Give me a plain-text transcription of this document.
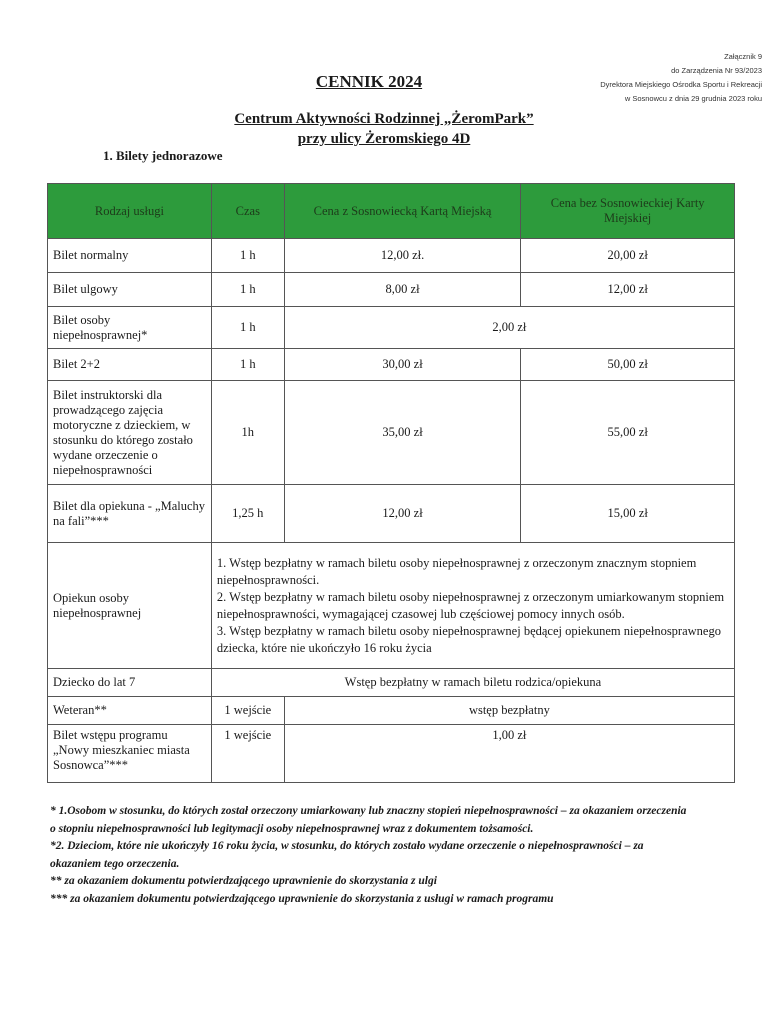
Załącznik 9
do Zarządzenia Nr 93/2023
Dyrektora Miejskiego Ośrodka Sportu i Rekreacji
w Sosnowcu z dnia 29 grudnia 2023 roku
CENNIK 2024
Centrum Aktywności Rodzinnej „ŻeromPark”
przy ulicy Żeromskiego 4D
1. Bilety jednorazowe
Rodzaj usługi	Czas	Cena z Sosnowiecką Kartą Miejską	Cena bez Sosnowieckiej Karty Miejskiej
Bilet normalny	1 h	12,00 zł.	20,00 zł
Bilet ulgowy	1 h	8,00 zł	12,00 zł
Bilet osoby niepełnosprawnej*	1 h	2,00 zł	
Bilet 2+2	1 h	30,00 zł	50,00 zł
Bilet instruktorski dla prowadzącego zajęcia motoryczne z dzieckiem, w stosunku do którego zostało wydane orzeczenie o niepełnosprawności	1h	35,00 zł	55,00 zł
Bilet dla opiekuna - „Maluchy na fali”***	1,25 h	12,00 zł	15,00 zł
Opiekun osoby niepełnosprawnej	1. Wstęp bezpłatny w ramach biletu osoby niepełnosprawnej z orzeczonym znacznym stopniem niepełnosprawności.
2. Wstęp bezpłatny w ramach biletu osoby niepełnosprawnej z orzeczonym umiarkowanym stopniem niepełnosprawności, wymagającej czasowej lub częściowej pomocy innych osób.
3. Wstęp bezpłatny w ramach biletu osoby niepełnosprawnej będącej opiekunem niepełnosprawnego dziecka, które nie ukończyło 16 roku życia		

Dziecko do lat 7	Wstęp bezpłatny w ramach biletu rodzica/opiekuna		
Weteran**	1 wejście	wstęp bezpłatny	
Bilet wstępu programu „Nowy mieszkaniec miasta Sosnowca”***	1 wejście	1,00 zł	

* 1.Osobom w stosunku, do których został orzeczony umiarkowany lub znaczny stopień niepełnosprawności – za okazaniem orzeczenia o stopniu niepełnosprawności lub legitymacji osoby niepełnosprawnej wraz z dokumentem tożsamości.

*2. Dzieciom, które nie ukończyły 16 roku życia, w stosunku, do których zostało wydane orzeczenie o niepełnosprawności – za okazaniem tego orzeczenia.

** za okazaniem dokumentu potwierdzającego uprawnienie do skorzystania z ulgi

*** za okazaniem dokumentu potwierdzającego uprawnienie do skorzystania z usługi w ramach programu
